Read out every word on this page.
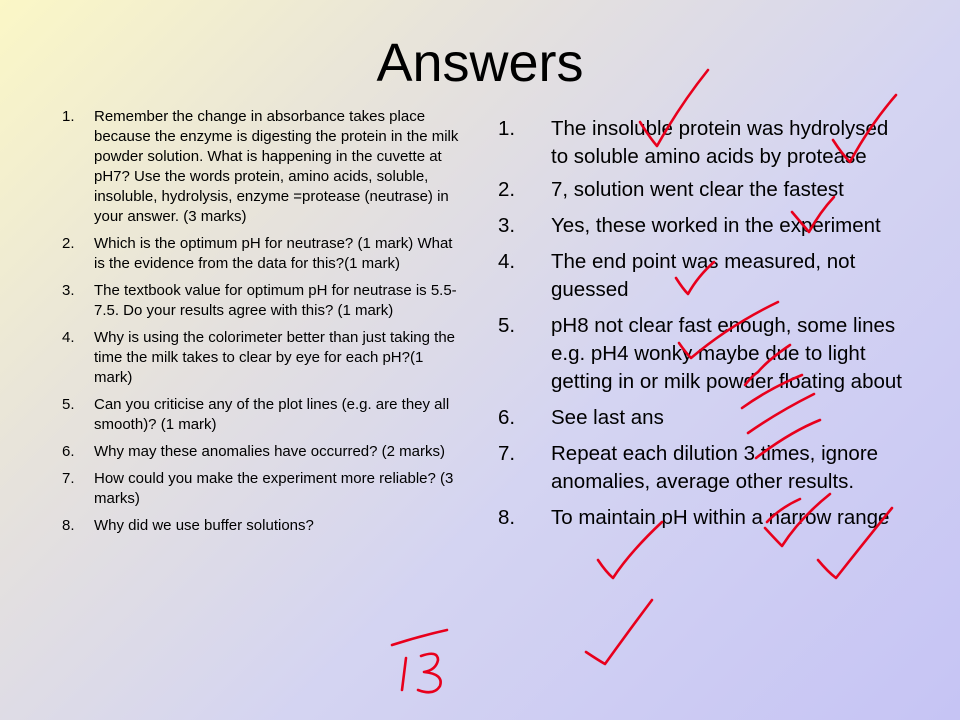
Answers
1. Remember the change in absorbance takes place because the enzyme is digesting the protein in the milk powder solution. What is happening in the cuvette at pH7? Use the words protein, amino acids, soluble, insoluble, hydrolysis, enzyme =protease (neutrase) in your answer. (3 marks)
2. Which is the optimum pH for neutrase? (1 mark) What is the evidence from the data for this?(1 mark)
3. The textbook value for optimum pH for neutrase is 5.5-7.5. Do your results agree with this? (1 mark)
4. Why is using the colorimeter better than just taking the time the milk takes to clear by eye for each pH?(1 mark)
5. Can you criticise any of the plot lines (e.g. are they all smooth)? (1 mark)
6. Why may these anomalies have occurred? (2 marks)
7. How could you make the experiment more reliable? (3 marks)
8. Why did we use buffer solutions?
1. The insoluble protein was hydrolysed to soluble amino acids by protease
2. 7, solution went clear the fastest
3. Yes, these worked in the experiment
4. The end point was measured, not guessed
5. pH8 not clear fast enough, some lines e.g. pH4 wonky maybe due to light getting in or milk powder floating about
6. See last ans
7. Repeat each dilution 3 times, ignore anomalies, average other results.
8. To maintain pH within a narrow range
